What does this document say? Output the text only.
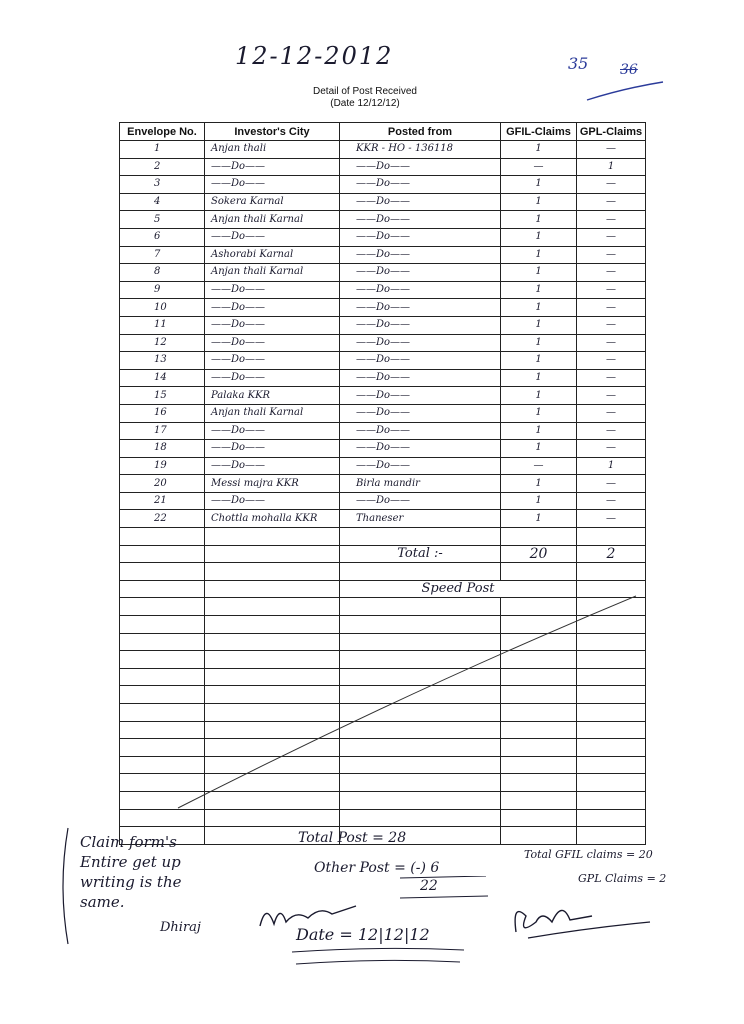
12-12-2012	35 36
Detail of Post Received
(Date 12/12/12)
Envelope No.	Investor's City	Posted from	GFIL-Claims	GPL-Claims
1	Anjan thali	KKR - HO - 136118	1	—
2	——Do——	——Do——	—	1
3	——Do——	——Do——	1	—
4	Sokera Karnal	——Do——	1	—
5	Anjan thali Karnal	——Do——	1	—
6	——Do——	——Do——	1	—
7	Ashorabi Karnal	——Do——	1	—
8	Anjan thali Karnal	——Do——	1	—
9	——Do——	——Do——	1	—
10	——Do——	——Do——	1	—
11	——Do——	——Do——	1	—
12	——Do——	——Do——	1	—
13	——Do——	——Do——	1	—
14	——Do——	——Do——	1	—
15	Palaka KKR	——Do——	1	—
16	Anjan thali Karnal	——Do——	1	—
17	——Do——	——Do——	1	—
18	——Do——	——Do——	1	—
19	——Do——	——Do——	—	1
20	Messi majra KKR	Birla mandir	1	—
21	——Do——	——Do——	1	—
22	Chottla mohalla KKR	Thaneser	1	—

		Total :-	20	2

		Speed Post		

Claim form's Entire get up writing is the same.
Total Post = 28
Other Post = (-) 6
22
Dhiraj	Date = 12|12|12
Total GFIL claims = 20
GPL Claims = 2
